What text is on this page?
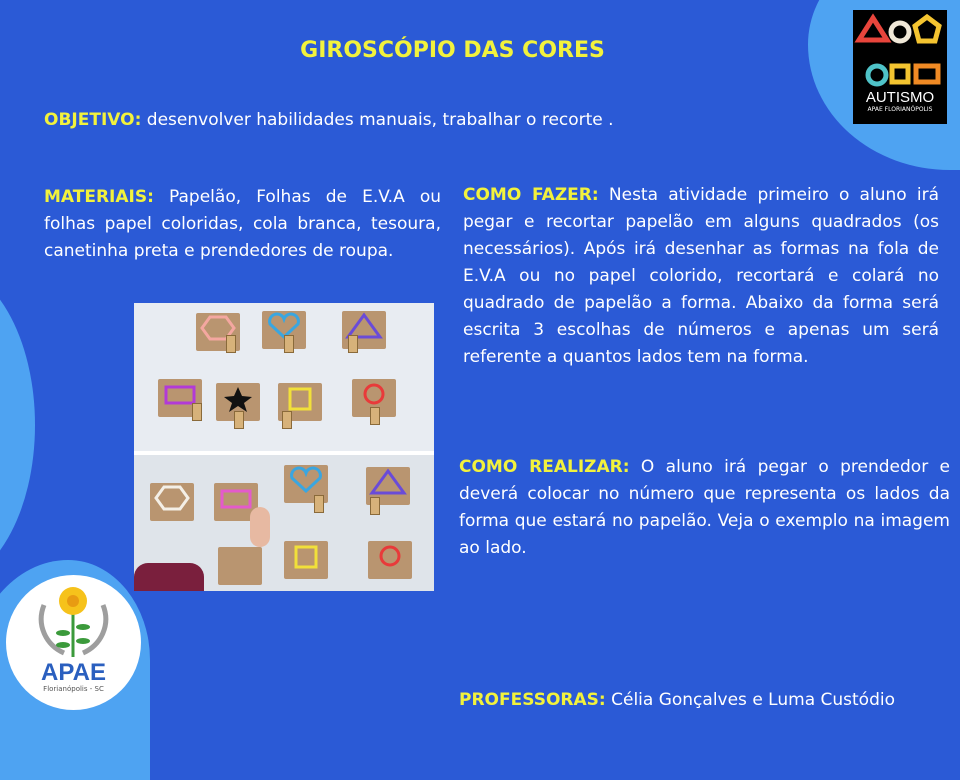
AUTISMO
APAE FLORIANÓPOLIS
GIROSCÓPIO DAS CORES
OBJETIVO: desenvolver habilidades manuais, trabalhar o recorte .
MATERIAIS: Papelão, Folhas de E.V.A ou folhas papel coloridas, cola branca, tesoura, canetinha preta e prendedores de roupa.
COMO FAZER: Nesta atividade primeiro o aluno irá pegar e recortar papelão em alguns quadrados (os necessários). Após irá desenhar as formas na fola de E.V.A ou no papel colorido, recortará e colará no quadrado de papelão a forma. Abaixo da forma será escrita 3 escolhas de números e apenas um será referente a quantos lados tem na forma.
COMO REALIZAR: O aluno irá pegar o prendedor e deverá colocar no número que representa os lados da forma que estará no papelão. Veja o exemplo na imagem ao lado.
PROFESSORAS: Célia Gonçalves e Luma Custódio
APAE
Florianópolis - SC
